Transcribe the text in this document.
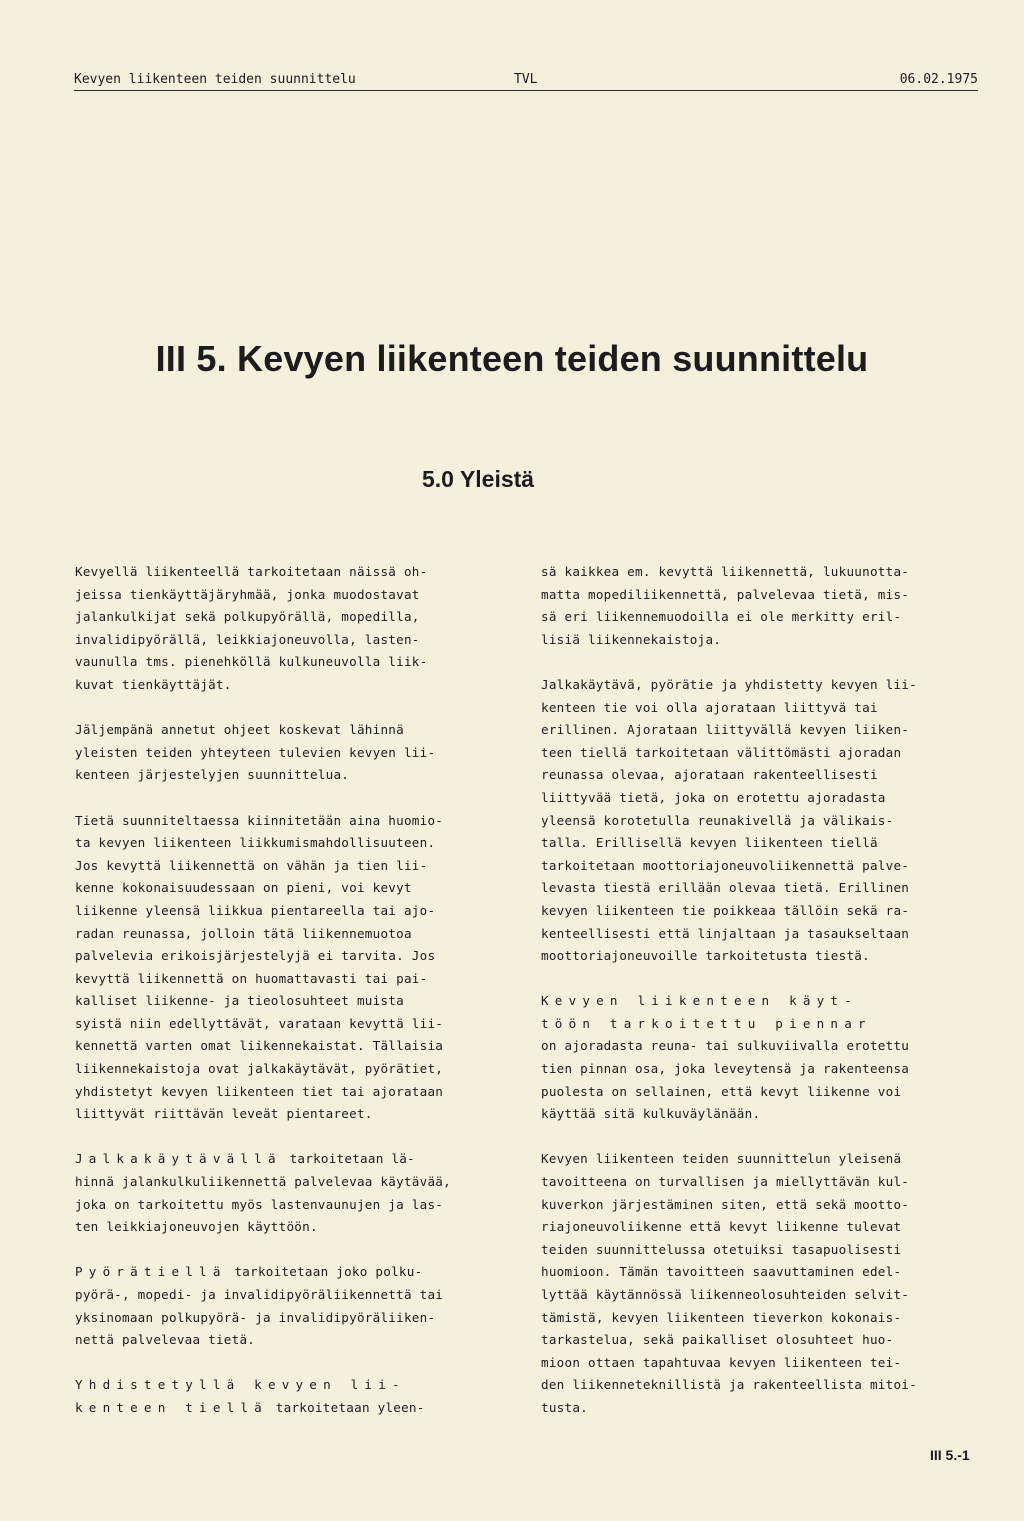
Kevyen liikenteen teiden suunnittelu	TVL	06.02.1975
III 5. Kevyen liikenteen teiden suunnittelu
5.0 Yleistä

Kevyellä liikenteellä tarkoitetaan näissä oh-
jeissa tienkäyttäjäryhmää, jonka muodostavat
jalankulkijat sekä polkupyörällä, mopedilla,
invalidipyörällä, leikkiajoneuvolla, lasten-
vaunulla tms. pienehköllä kulkuneuvolla liik-
kuvat tienkäyttäjät.

Jäljempänä annetut ohjeet koskevat lähinnä
yleisten teiden yhteyteen tulevien kevyen lii-
kenteen järjestelyjen suunnittelua.

Tietä suunniteltaessa kiinnitetään aina huomio-
ta kevyen liikenteen liikkumismahdollisuuteen.
Jos kevyttä liikennettä on vähän ja tien lii-
kenne kokonaisuudessaan on pieni, voi kevyt
liikenne yleensä liikkua pientareella tai ajo-
radan reunassa, jolloin tätä liikennemuotoa
palvelevia erikoisjärjestelyjä ei tarvita. Jos
kevyttä liikennettä on huomattavasti tai pai-
kalliset liikenne- ja tieolosuhteet muista
syistä niin edellyttävät, varataan kevyttä lii-
kennettä varten omat liikennekaistat. Tällaisia
liikennekaistoja ovat jalkakäytävät, pyörätiet,
yhdistetyt kevyen liikenteen tiet tai ajorataan
liittyvät riittävän leveät pientareet.

Jalkakäytävällä tarkoitetaan lä-
hinnä jalankulkuliikennettä palvelevaa käytävää,
joka on tarkoitettu myös lastenvaunujen ja las-
ten leikkiajoneuvojen käyttöön.

Pyörätiellä tarkoitetaan joko polku-
pyörä-, mopedi- ja invalidipyöräliikennettä tai
yksinomaan polkupyörä- ja invalidipyöräliiken-
nettä palvelevaa tietä.

Yhdistetyllä kevyen lii-
kenteen tiellä tarkoitetaan yleen-

sä kaikkea em. kevyttä liikennettä, lukuunotta-
matta mopediliikennettä, palvelevaa tietä, mis-
sä eri liikennemuodoilla ei ole merkitty eril-
lisiä liikennekaistoja.

Jalkakäytävä, pyörätie ja yhdistetty kevyen lii-
kenteen tie voi olla ajorataan liittyvä tai
erillinen. Ajorataan liittyvällä kevyen liiken-
teen tiellä tarkoitetaan välittömästi ajoradan
reunassa olevaa, ajorataan rakenteellisesti
liittyvää tietä, joka on erotettu ajoradasta
yleensä korotetulla reunakivellä ja välikais-
talla. Erillisellä kevyen liikenteen tiellä
tarkoitetaan moottoriajoneuvoliikennettä palve-
levasta tiestä erillään olevaa tietä. Erillinen
kevyen liikenteen tie poikkeaa tällöin sekä ra-
kenteellisesti että linjaltaan ja tasaukseltaan
moottoriajoneuvoille tarkoitetusta tiestä.

Kevyen liikenteen käyt-
töön tarkoitettu piennar
on ajoradasta reuna- tai sulkuviivalla erotettu
tien pinnan osa, joka leveytensä ja rakenteensa
puolesta on sellainen, että kevyt liikenne voi
käyttää sitä kulkuväylänään.

Kevyen liikenteen teiden suunnittelun yleisenä
tavoitteena on turvallisen ja miellyttävän kul-
kuverkon järjestäminen siten, että sekä mootto-
riajoneuvoliikenne että kevyt liikenne tulevat
teiden suunnittelussa otetuiksi tasapuolisesti
huomioon. Tämän tavoitteen saavuttaminen edel-
lyttää käytännössä liikenneolosuhteiden selvit-
tämistä, kevyen liikenteen tieverkon kokonais-
tarkastelua, sekä paikalliset olosuhteet huo-
mioon ottaen tapahtuvaa kevyen liikenteen tei-
den liikenneteknillistä ja rakenteellista mitoi-
tusta.

III 5.-1
